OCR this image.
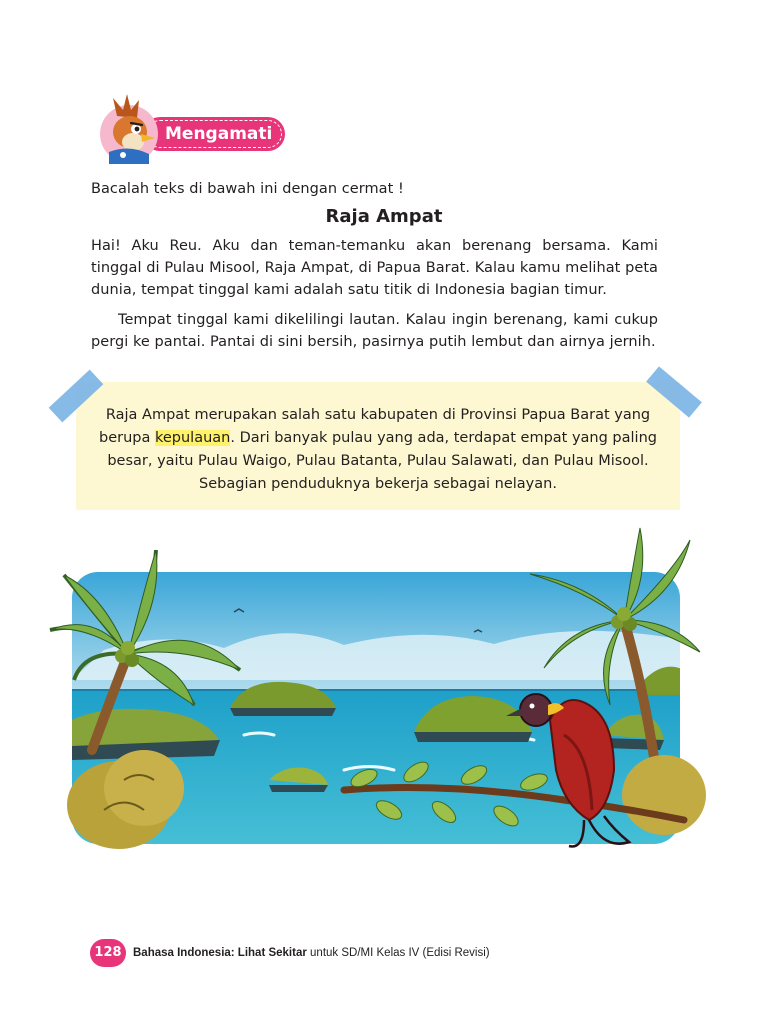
Mengamati
Bacalah teks di bawah ini dengan cermat !
Raja Ampat
Hai! Aku Reu. Aku dan teman-temanku akan berenang bersama. Kami tinggal di Pulau Misool, Raja Ampat, di Papua Barat. Kalau kamu melihat peta dunia, tempat tinggal kami adalah satu titik di Indonesia bagian timur.
Tempat tinggal kami dikelilingi lautan. Kalau ingin berenang, kami cukup pergi ke pantai. Pantai di sini bersih, pasirnya putih lembut dan airnya jernih.
Raja Ampat merupakan salah satu kabupaten di Provinsi Papua Barat yang berupa kepulauan. Dari banyak pulau yang ada, terdapat empat yang paling besar, yaitu Pulau Waigo, Pulau Batanta, Pulau Salawati, dan Pulau Misool. Sebagian penduduknya bekerja sebagai nelayan.
128 Bahasa Indonesia: Lihat Sekitar untuk SD/MI Kelas IV (Edisi Revisi)
